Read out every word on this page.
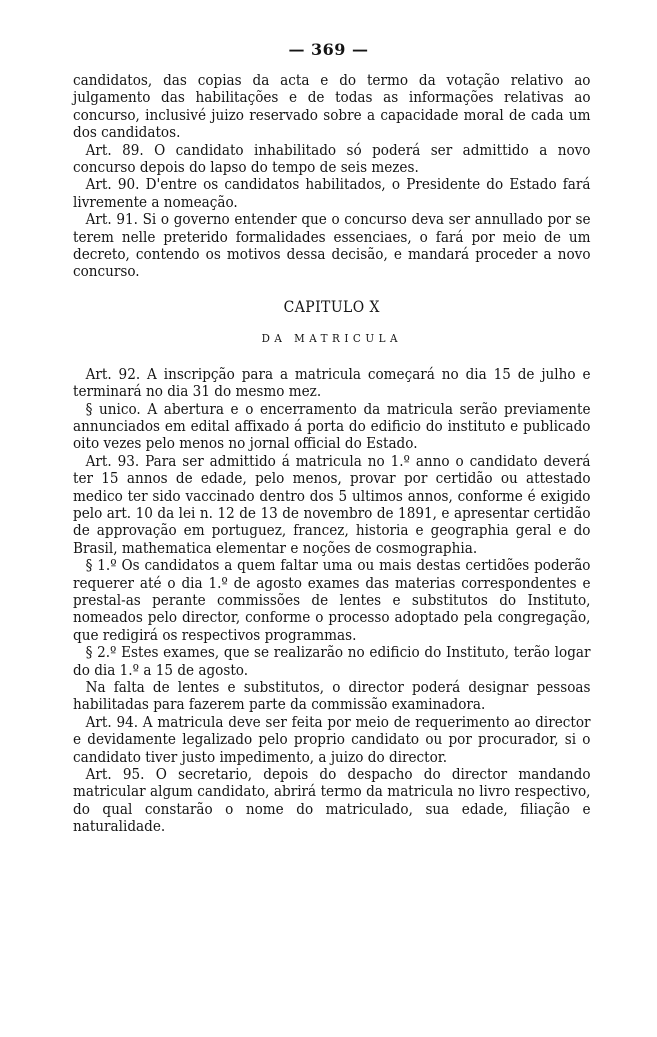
— 369 —

candidatos, das copias da acta e do termo da votação relativo ao julgamento das habilitações e de todas as informações relativas ao concurso, inclusivé juizo reservado sobre a capacidade moral de cada um dos candidatos.

Art. 89. O candidato inhabilitado só poderá ser admittido a novo concurso depois do lapso do tempo de seis mezes.

Art. 90. D'entre os candidatos habilitados, o Presidente do Estado fará livremente a nomeação.

Art. 91. Si o governo entender que o concurso deva ser annullado por se terem nelle preterido formalidades essenciaes, o fará por meio de um decreto, contendo os motivos dessa decisão, e mandará proceder a novo concurso.

CAPITULO X

DA MATRICULA

Art. 92. A inscripção para a matricula começará no dia 15 de julho e terminará no dia 31 do mesmo mez.

§ unico. A abertura e o encerramento da matricula serão previamente annunciados em edital affixado á porta do edificio do instituto e publicado oito vezes pelo menos no jornal official do Estado.

Art. 93. Para ser admittido á matricula no 1.º anno o candidato deverá ter 15 annos de edade, pelo menos, provar por certidão ou attestado medico ter sido vaccinado dentro dos 5 ultimos annos, conforme é exigido pelo art. 10 da lei n. 12 de 13 de novembro de 1891, e apresentar certidão de approvação em portuguez, francez, historia e geographia geral e do Brasil, mathematica elementar e noções de cosmographia.

§ 1.º Os candidatos a quem faltar uma ou mais destas certidões poderão requerer até o dia 1.º de agosto exames das materias correspondentes e prestal-as perante commissões de lentes e substitutos do Instituto, nomeados pelo director, conforme o processo adoptado pela congregação, que redigirá os respectivos programmas.

§ 2.º Estes exames, que se realizarão no edificio do Instituto, terão logar do dia 1.º a 15 de agosto.

Na falta de lentes e substitutos, o director poderá designar pessoas habilitadas para fazerem parte da commissão examinadora.

Art. 94. A matricula deve ser feita por meio de requerimento ao director e devidamente legalizado pelo proprio candidato ou por procurador, si o candidato tiver justo impedimento, a juizo do director.

Art. 95. O secretario, depois do despacho do director mandando matricular algum candidato, abrirá termo da matricula no livro respectivo, do qual constarão o nome do matriculado, sua edade, filiação e naturalidade.
